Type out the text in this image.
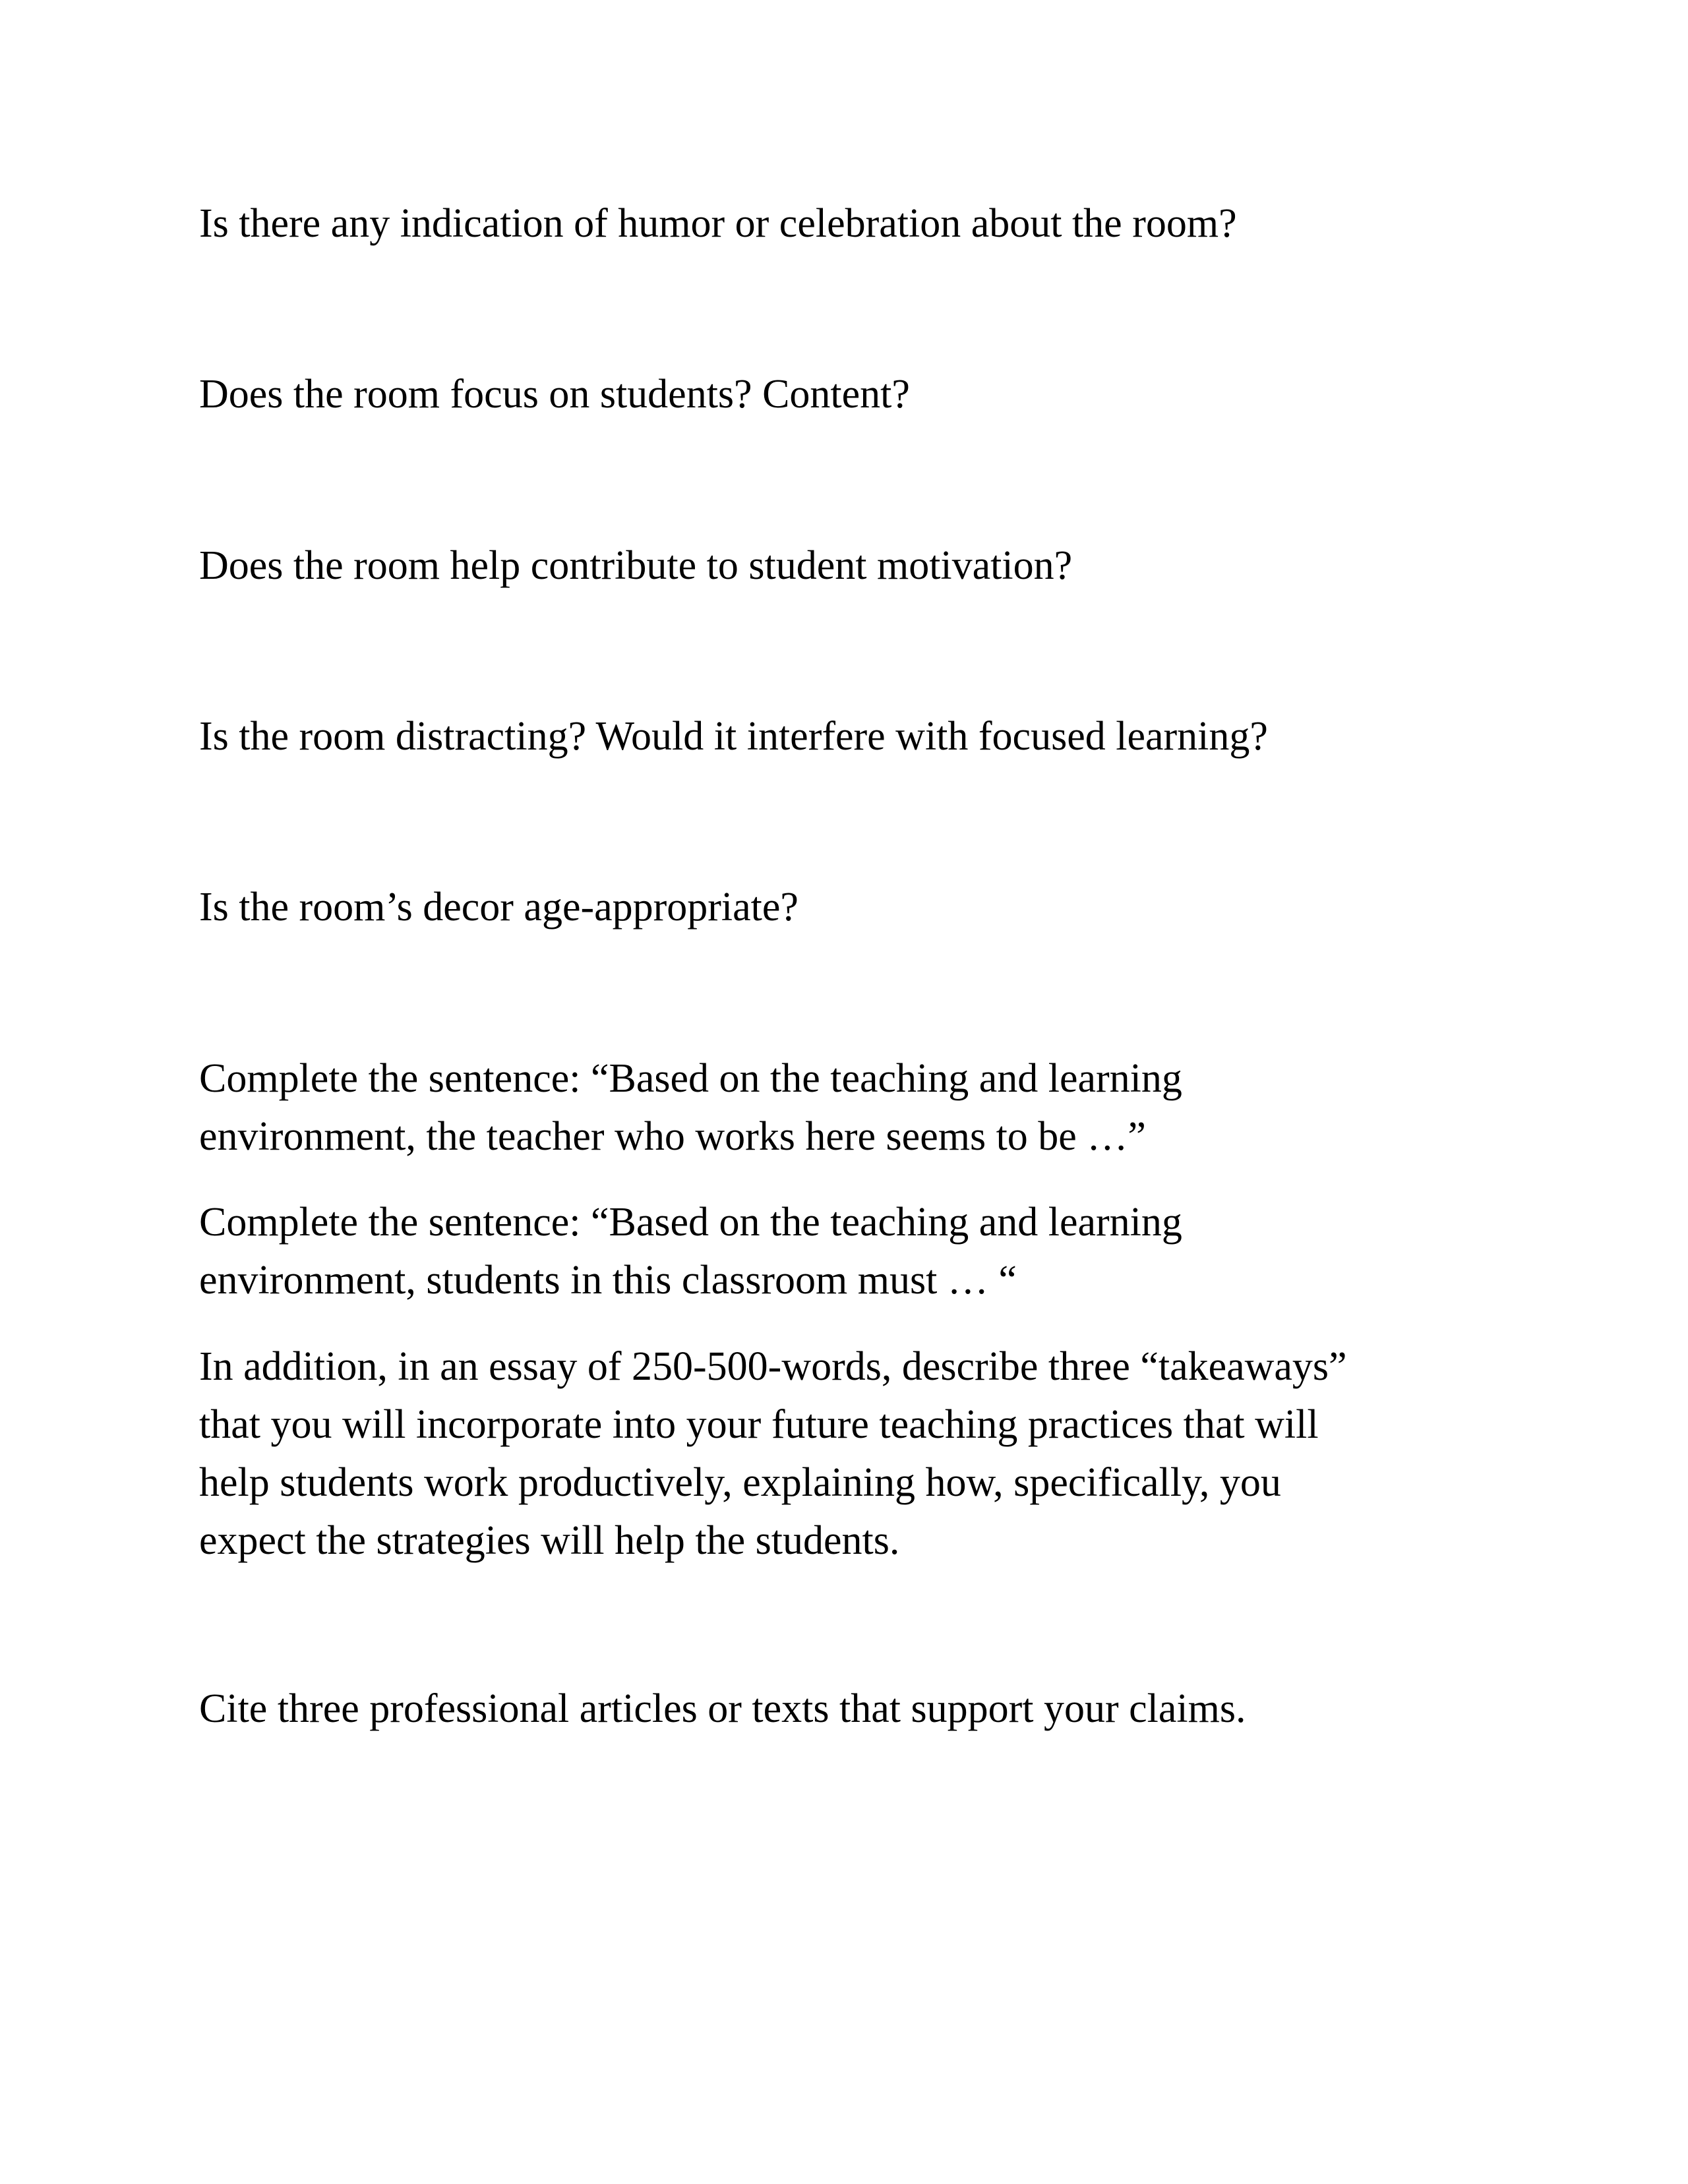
Is there any indication of humor or celebration about the room?

Does the room focus on students? Content?

Does the room help contribute to student motivation?

Is the room distracting? Would it interfere with focused learning?

Is the room’s decor age-appropriate?

Complete the sentence: “Based on the teaching and learning
environment, the teacher who works here seems to be …”

Complete the sentence: “Based on the teaching and learning
environment, students in this classroom must … “

In addition, in an essay of 250-500-words, describe three “takeaways”
that you will incorporate into your future teaching practices that will
help students work productively, explaining how, specifically, you
expect the strategies will help the students.

Cite three professional articles or texts that support your claims.
